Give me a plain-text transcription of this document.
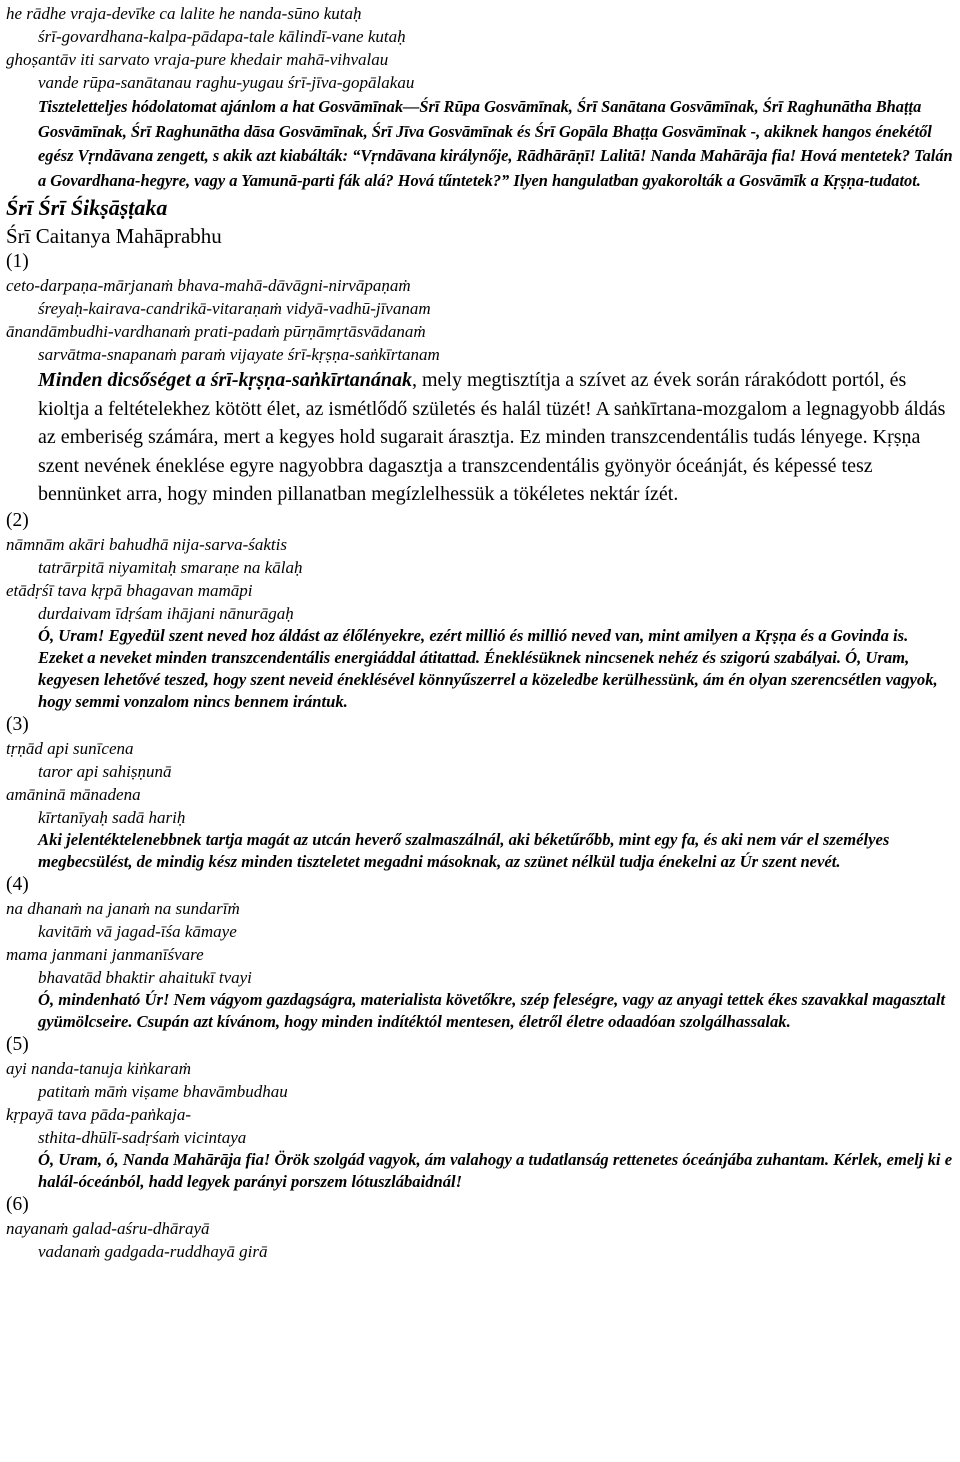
he rādhe vraja-devīke ca lalite he nanda-sūno kutaḥ
śrī-govardhana-kalpa-pādapa-tale kālindī-vane kutaḥ
ghoṣantāv iti sarvato vraja-pure khedair mahā-vihvalau
vande rūpa-sanātanau raghu-yugau śrī-jīva-gopālakau
Tiszteletteljes hódolatomat ajánlom a hat Gosvāmīnak—Śrī Rūpa Gosvāmīnak, Śrī Sanātana Gosvāmīnak, Śrī Raghunātha Bhaṭṭa Gosvāmīnak, Śrī Raghunātha dāsa Gosvāmīnak, Śrī Jīva Gosvāmīnak és Śrī Gopāla Bhaṭṭa Gosvāmīnak -, akiknek hangos énekétől egész Vṛndāvana zengett, s akik azt kiabálták: “Vṛndāvana királynője, Rādhārāṇī! Lalitā! Nanda Mahārāja fia! Hová mentetek? Talán a Govardhana-hegyre, vagy a Yamunā-parti fák alá? Hová tűntetek?” Ilyen hangulatban gyakorolták a Gosvāmīk a Kṛṣṇa-tudatot.
Śrī Śrī Śikṣāṣṭaka
Śrī Caitanya Mahāprabhu
(1)
ceto-darpaṇa-mārjanaṁ bhava-mahā-dāvāgni-nirvāpaṇaṁ
śreyaḥ-kairava-candrikā-vitaraṇaṁ vidyā-vadhū-jīvanam
ānandāmbudhi-vardhanaṁ prati-padaṁ pūrṇāmṛtāsvādanaṁ
sarvātma-snapanaṁ paraṁ vijayate śrī-kṛṣṇa-saṅkīrtanam
Minden dicsőséget a śrī-kṛṣṇa-saṅkīrtanának, mely megtisztítja a szívet az évek során rárakódott portól, és kioltja a feltételekhez kötött élet, az ismétlődő születés és halál tüzét! A saṅkīrtana-mozgalom a legnagyobb áldás az emberiség számára, mert a kegyes hold sugarait árasztja. Ez minden transzcendentális tudás lényege. Kṛṣṇa szent nevének éneklése egyre nagyobbra dagasztja a transzcendentális gyönyör óceánját, és képessé tesz bennünket arra, hogy minden pillanatban megízlelhessük a tökéletes nektár ízét.
(2)
nāmnām akāri bahudhā nija-sarva-śaktis
tatrārpitā niyamitaḥ smaraṇe na kālaḥ
etādṛśī tava kṛpā bhagavan mamāpi
durdaivam īdṛśam ihājani nānurāgaḥ
Ó, Uram! Egyedül szent neved hoz áldást az élőlényekre, ezért millió és millió neved van, mint amilyen a Kṛṣṇa és a Govinda is. Ezeket a neveket minden transzcendentális energiáddal átitattad. Éneklésüknek nincsenek nehéz és szigorú szabályai. Ó, Uram, kegyesen lehetővé teszed, hogy szent neveid éneklésével könnyűszerrel a közeledbe kerülhessünk, ám én olyan szerencsétlen vagyok, hogy semmi vonzalom nincs bennem irántuk.
(3)
tṛṇād api sunīcena
taror api sahiṣṇunā
amāninā mānadena
kīrtanīyaḥ sadā hariḥ
Aki jelentéktelenebbnek tartja magát az utcán heverő szalmaszálnál, aki béketűrőbb, mint egy fa, és aki nem vár el személyes megbecsülést, de mindig kész minden tiszteletet megadni másoknak, az szünet nélkül tudja énekelni az Úr szent nevét.
(4)
na dhanaṁ na janaṁ na sundarīṁ
kavitāṁ vā jagad-īśa kāmaye
mama janmani janmanīśvare
bhavatād bhaktir ahaitukī tvayi
Ó, mindenható Úr! Nem vágyom gazdagságra, materialista követőkre, szép feleségre, vagy az anyagi tettek ékes szavakkal magasztalt gyümölcseire. Csupán azt kívánom, hogy minden indítéktól mentesen, életről életre odaadóan szolgálhassalak.
(5)
ayi nanda-tanuja kiṅkaraṁ
patitaṁ māṁ viṣame bhavāmbudhau
kṛpayā tava pāda-paṅkaja-
sthita-dhūlī-sadṛśaṁ vicintaya
Ó, Uram, ó, Nanda Mahārāja fia! Örök szolgád vagyok, ám valahogy a tudatlanság rettenetes óceánjába zuhantam. Kérlek, emelj ki e halál-óceánból, hadd legyek parányi porszem lótuszlábaidnál!
(6)
nayanaṁ galad-aśru-dhārayā
vadanaṁ gadgada-ruddhayā girā
